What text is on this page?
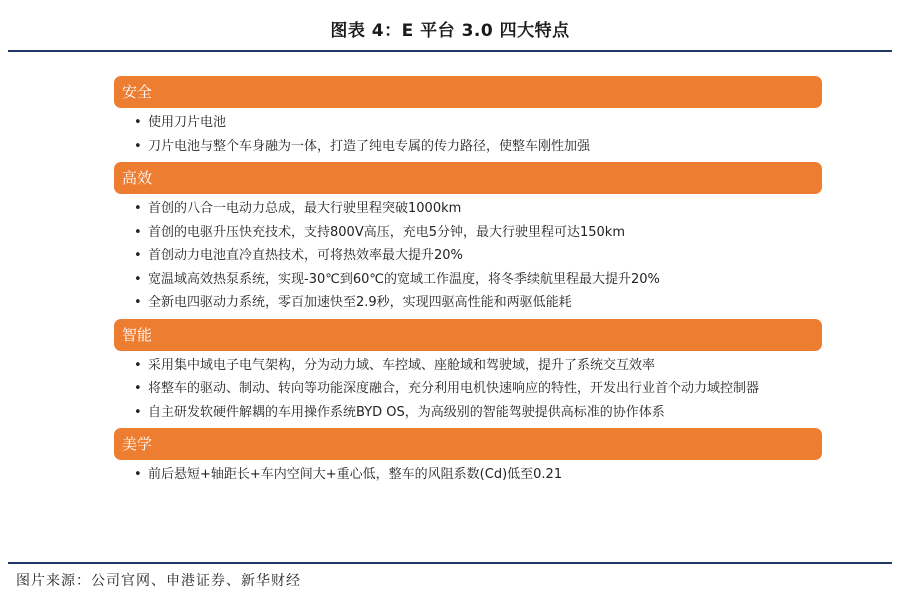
图表 4：E 平台 3.0 四大特点
安全
• 使用刀片电池
• 刀片电池与整个车身融为一体，打造了纯电专属的传力路径，使整车刚性加强
高效
• 首创的八合一电动力总成，最大行驶里程突破1000km
• 首创的电驱升压快充技术，支持800V高压，充电5分钟，最大行驶里程可达150km
• 首创动力电池直冷直热技术，可将热效率最大提升20%
• 宽温域高效热泵系统，实现-30℃到60℃的宽域工作温度，将冬季续航里程最大提升20%
• 全新电四驱动力系统，零百加速快至2.9秒，实现四驱高性能和两驱低能耗
智能
• 采用集中域电子电气架构，分为动力域、车控域、座舱域和驾驶域，提升了系统交互效率
• 将整车的驱动、制动、转向等功能深度融合，充分利用电机快速响应的特性，开发出行业首个动力域控制器
• 自主研发软硬件解耦的车用操作系统BYD OS，为高级别的智能驾驶提供高标准的协作体系
美学
• 前后悬短+轴距长+车内空间大+重心低，整车的风阻系数(Cd)低至0.21
图片来源：公司官网、申港证券、新华财经
